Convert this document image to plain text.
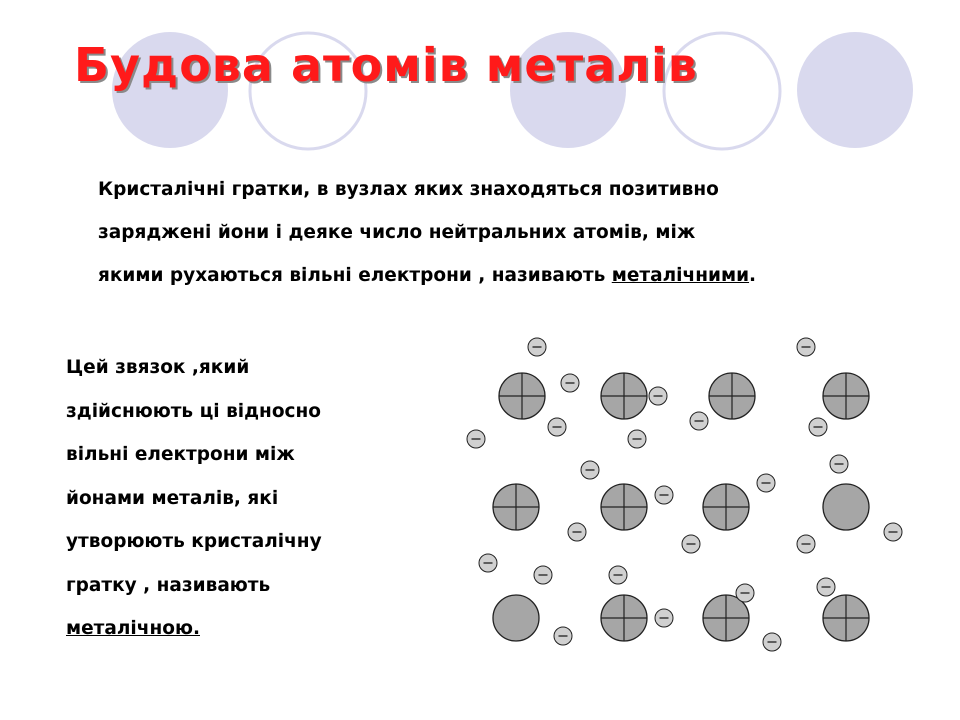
Будова атомів металів
Кристалічні гратки, в вузлах яких знаходяться позитивно
заряджені йони і деяке число нейтральних атомів, між
якими рухаються вільні електрони , називають металічними.
Цей звязок ,який
здійснюють ці відносно
вільні електрони між
йонами металів, які
утворюють кристалічну
гратку , називають
металічною.
